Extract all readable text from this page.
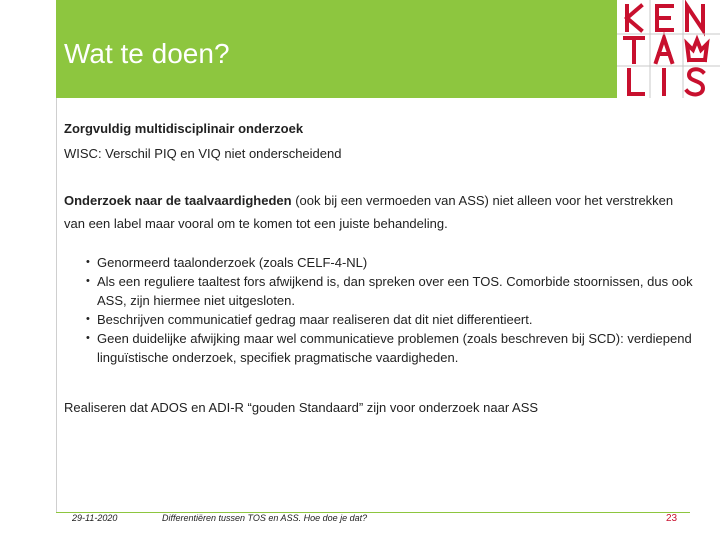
Wat te doen?

Zorgvuldig multidisciplinair onderzoek

WISC: Verschil PIQ en VIQ niet onderscheidend

Onderzoek naar de taalvaardigheden (ook bij een vermoeden van ASS) niet alleen voor het verstrekken van een label maar vooral om te komen tot een juiste behandeling.

• Genormeerd taalonderzoek (zoals CELF-4-NL)
• Als een reguliere taaltest fors afwijkend is, dan spreken over een TOS. Comorbide stoornissen, dus ook ASS, zijn hiermee niet uitgesloten.
• Beschrijven communicatief gedrag maar realiseren dat dit niet differentieert.
• Geen duidelijke afwijking maar wel communicatieve problemen (zoals beschreven bij SCD): verdiepend linguïstische onderzoek, specifiek pragmatische vaardigheden.

Realiseren dat ADOS en ADI-R “gouden Standaard” zijn voor onderzoek naar ASS

29-11-2020	Differentiëren tussen TOS en ASS. Hoe doe je dat?	23
